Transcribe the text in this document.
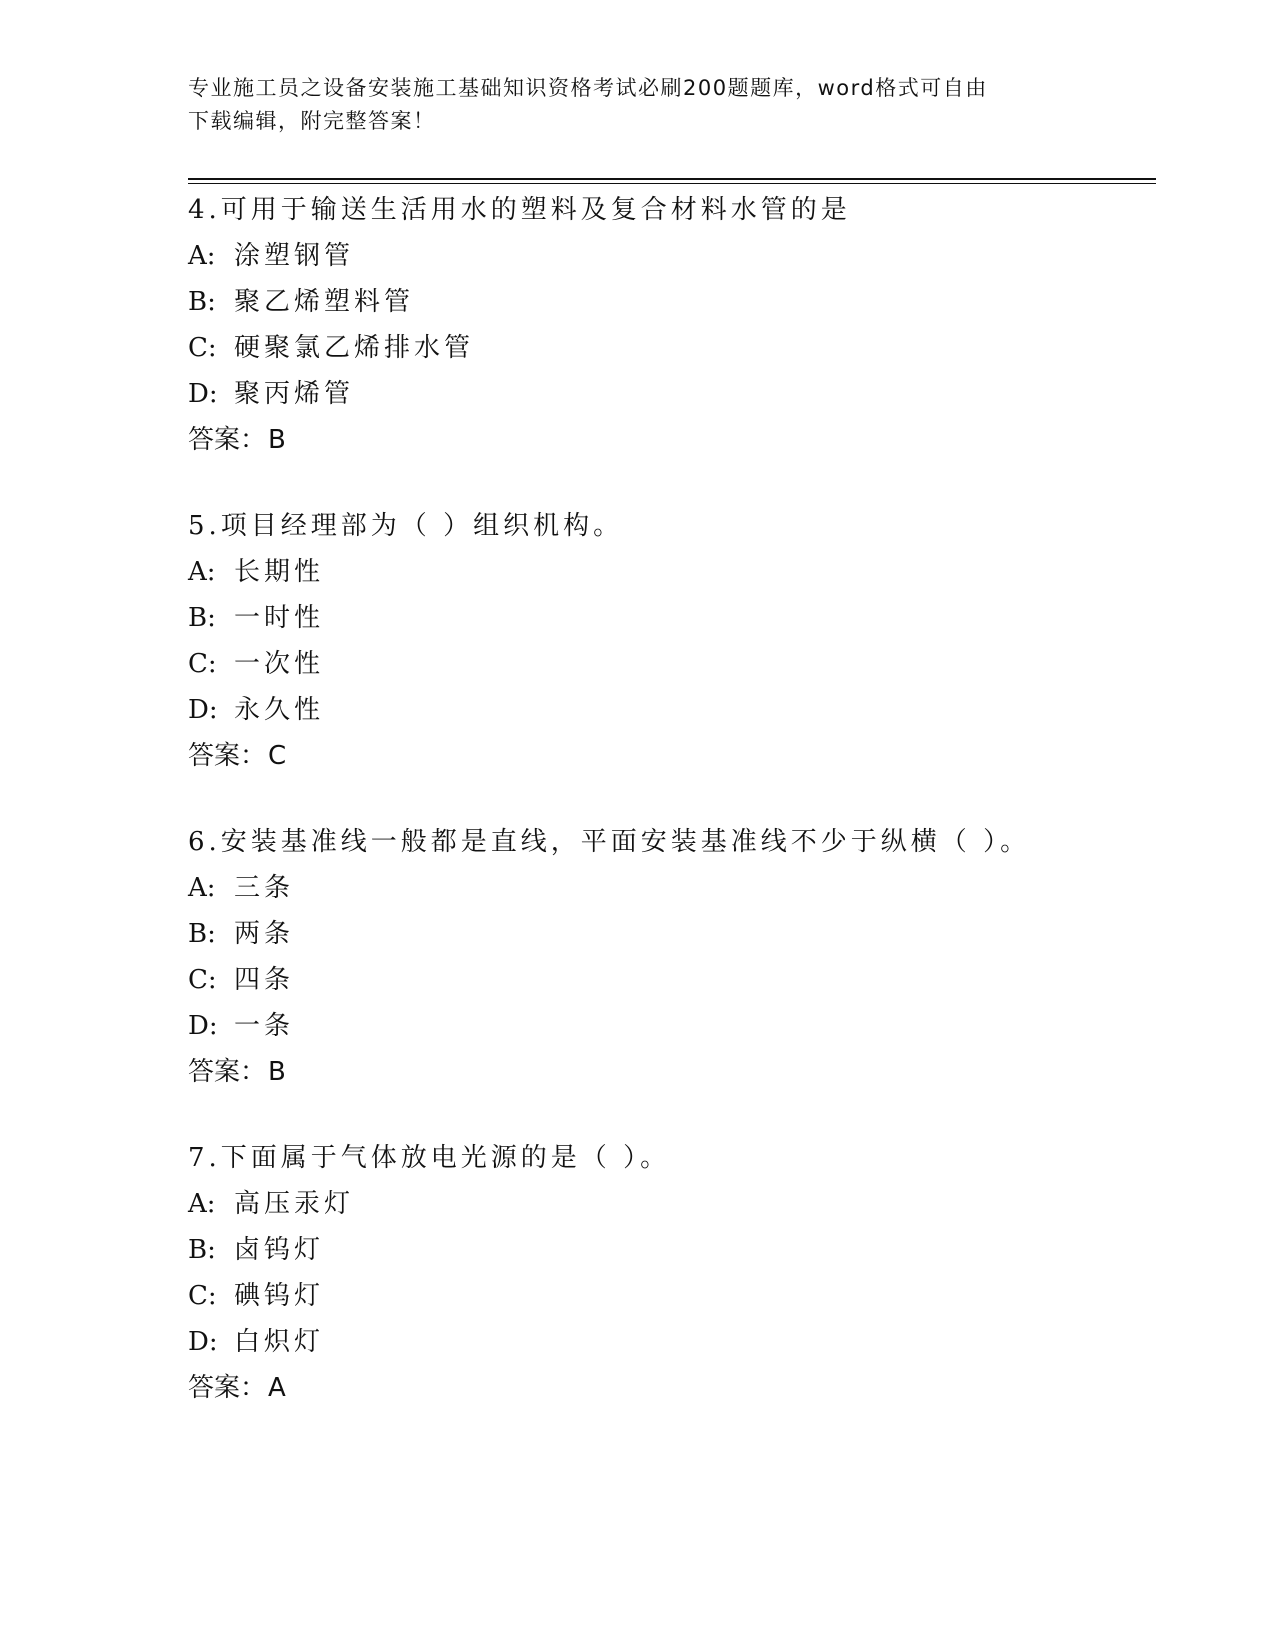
专业施工员之设备安装施工基础知识资格考试必刷200题题库，word格式可自由
下载编辑，附完整答案！
4.可用于输送生活用水的塑料及复合材料水管的是
A: 涂塑钢管
B: 聚乙烯塑料管
C: 硬聚氯乙烯排水管
D: 聚丙烯管
答案：B
5.项目经理部为（ ）组织机构。
A: 长期性
B: 一时性
C: 一次性
D: 永久性
答案：C
6.安装基准线一般都是直线，平面安装基准线不少于纵横（ ）。
A: 三条
B: 两条
C: 四条
D: 一条
答案：B
7.下面属于气体放电光源的是（ ）。
A: 高压汞灯
B: 卤钨灯
C: 碘钨灯
D: 白炽灯
答案：A
